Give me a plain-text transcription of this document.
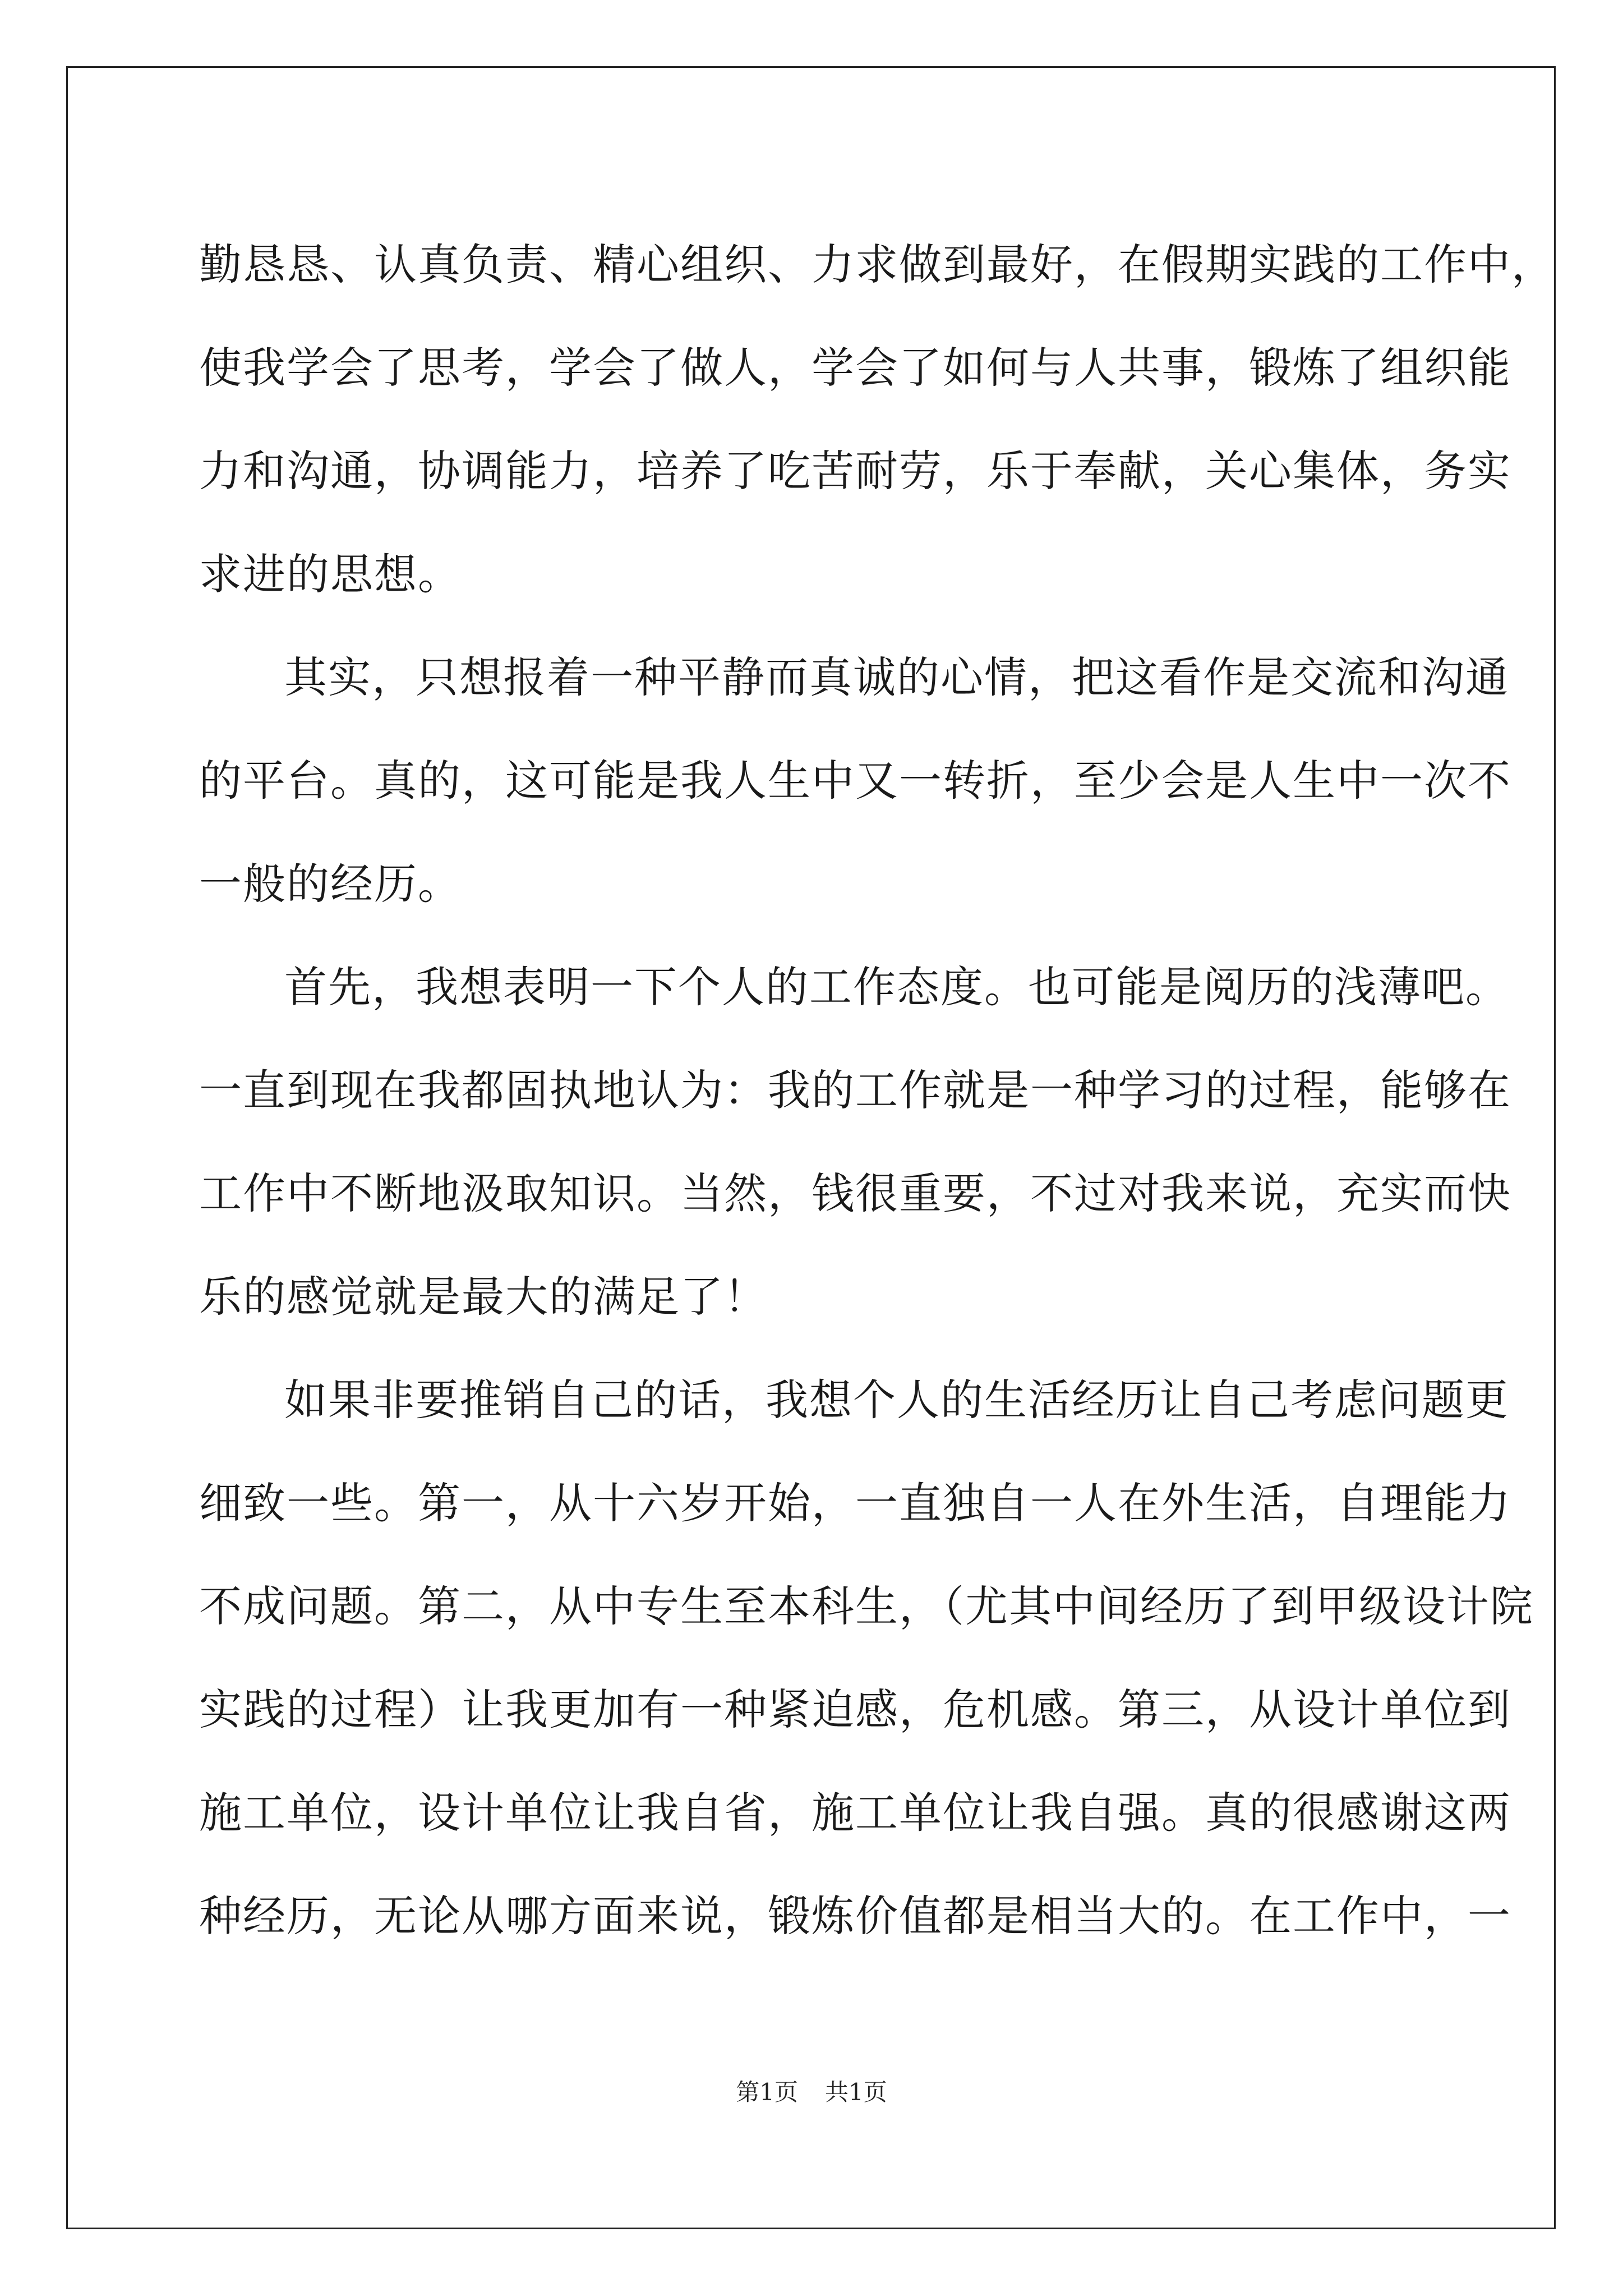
勤恳恳、认真负责、精心组织、力求做到最好，在假期实践的工作中，
使我学会了思考，学会了做人，学会了如何与人共事，锻炼了组织能
力和沟通，协调能力，培养了吃苦耐劳，乐于奉献，关心集体，务实
求进的思想。
其实，只想报着一种平静而真诚的心情，把这看作是交流和沟通
的平台。真的，这可能是我人生中又一转折，至少会是人生中一次不
一般的经历。
首先，我想表明一下个人的工作态度。也可能是阅历的浅薄吧。
一直到现在我都固执地认为：我的工作就是一种学习的过程，能够在
工作中不断地汲取知识。当然，钱很重要，不过对我来说，充实而快
乐的感觉就是最大的满足了！
如果非要推销自己的话，我想个人的生活经历让自己考虑问题更
细致一些。第一，从十六岁开始，一直独自一人在外生活，自理能力
不成问题。第二，从中专生至本科生，（尤其中间经历了到甲级设计院
实践的过程）让我更加有一种紧迫感，危机感。第三，从设计单位到
施工单位，设计单位让我自省，施工单位让我自强。真的很感谢这两
种经历，无论从哪方面来说，锻炼价值都是相当大的。在工作中，一
第1页 共1页
